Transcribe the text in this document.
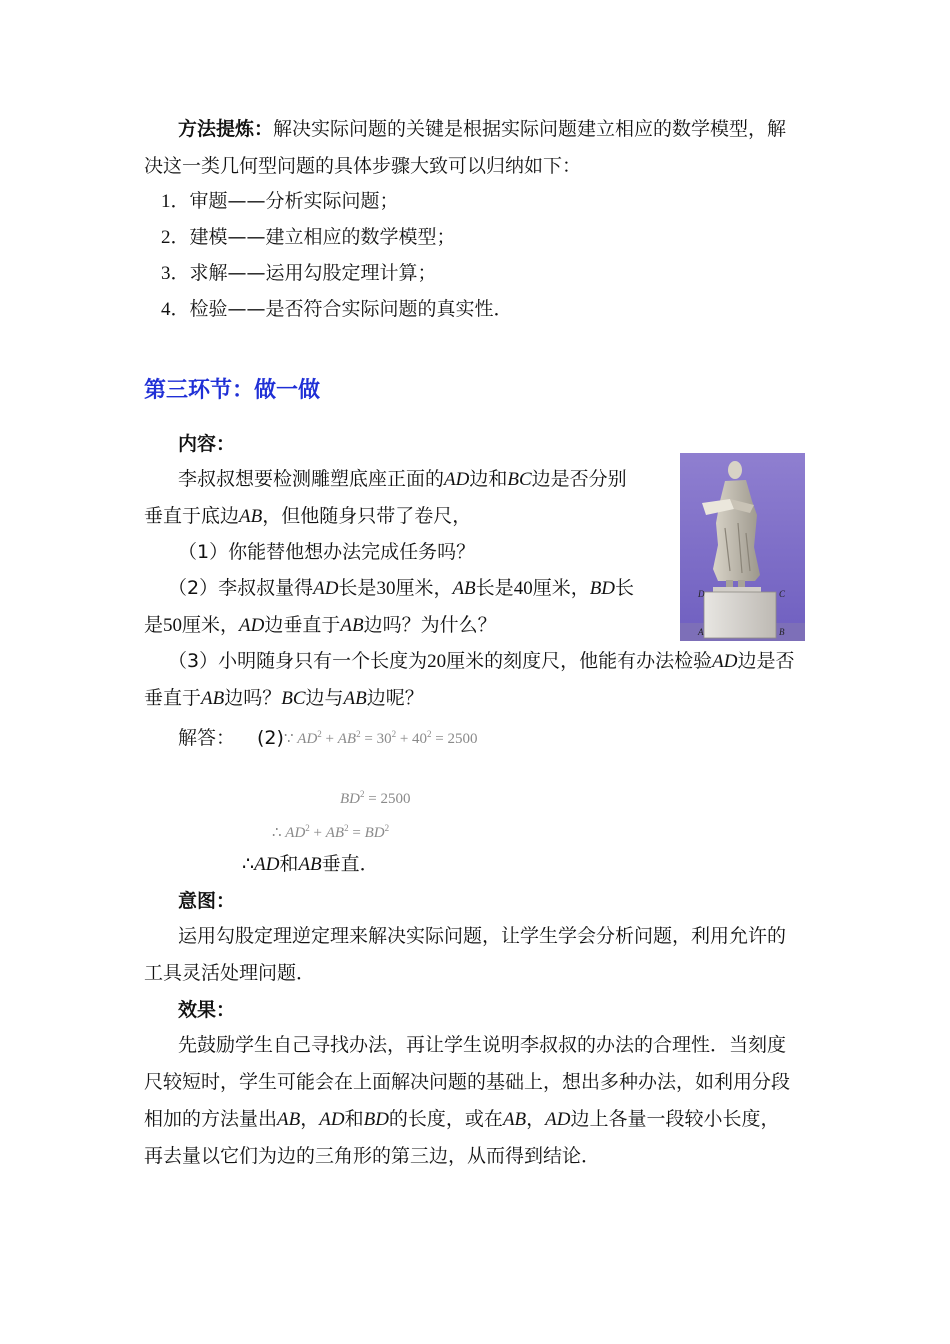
方法提炼：解决实际问题的关键是根据实际问题建立相应的数学模型，解
决这一类几何型问题的具体步骤大致可以归纳如下：
1．审题——分析实际问题；
2．建模——建立相应的数学模型；
3．求解——运用勾股定理计算；
4．检验——是否符合实际问题的真实性．
第三环节：做一做
内容：
李叔叔想要检测雕塑底座正面的AD边和BC边是否分别
垂直于底边AB，但他随身只带了卷尺，
（1）你能替他想办法完成任务吗？
（2）李叔叔量得AD长是30厘米，AB长是40厘米，BD长
是50厘米，AD边垂直于AB边吗？为什么？
（3）小明随身只有一个长度为20厘米的刻度尺，他能有办法检验AD边是否
垂直于AB边吗？BC边与AB边呢？
D	C
A	B
解答： (2) ∵ $AD^2 + AB^2 = 30^2 + 40^2 = 2500$
$BD^2 = 2500$
∴ $AD^2 + AB^2 = BD^2$
∴AD和AB垂直．
意图：
运用勾股定理逆定理来解决实际问题，让学生学会分析问题，利用允许的
工具灵活处理问题．
效果：
先鼓励学生自己寻找办法，再让学生说明李叔叔的办法的合理性．当刻度
尺较短时，学生可能会在上面解决问题的基础上，想出多种办法，如利用分段
相加的方法量出AB，AD和BD的长度，或在AB，AD边上各量一段较小长度，
再去量以它们为边的三角形的第三边，从而得到结论．
